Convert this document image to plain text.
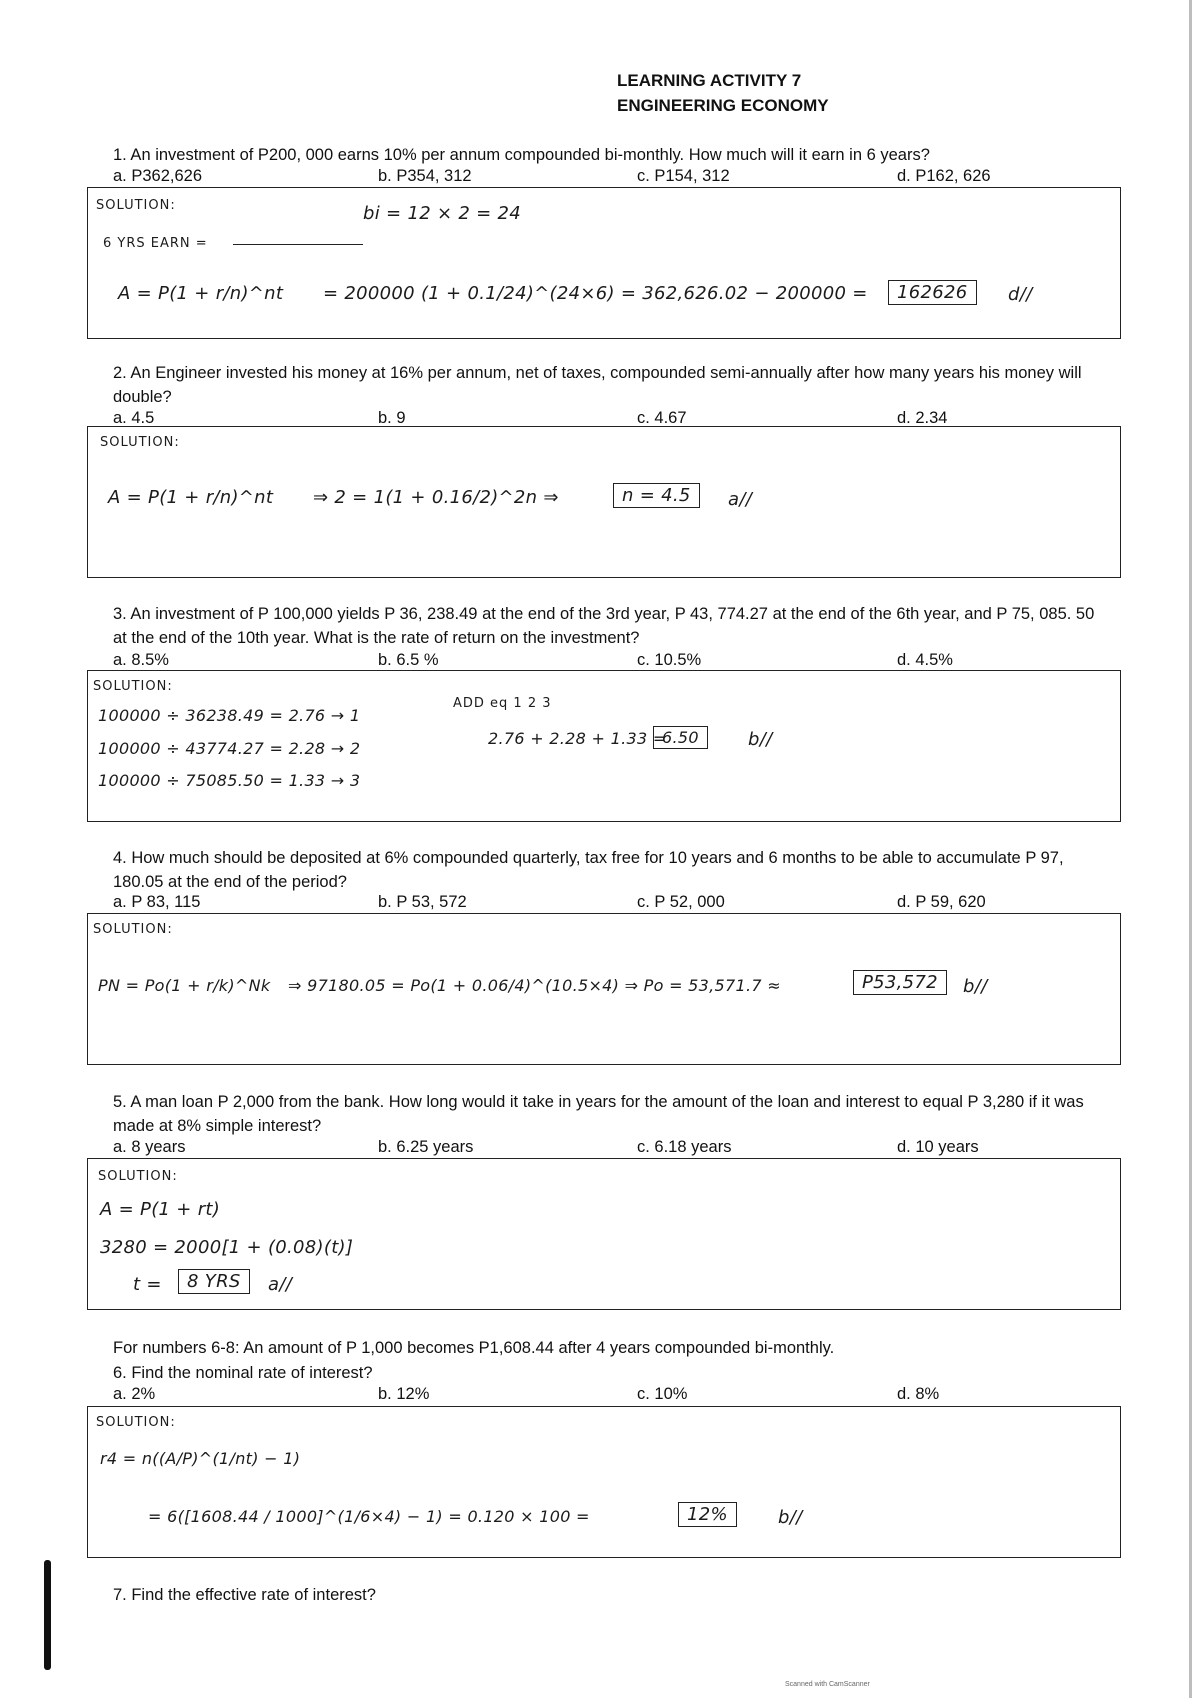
LEARNING ACTIVITY 7
ENGINEERING ECONOMY
1. An investment of P200, 000 earns 10% per annum compounded bi-monthly. How much will it earn in 6 years?
a. P362,626	b. P354, 312	c. P154, 312	d. P162, 626
SOLUTION:	bi = 12 × 2 = 24
6 YRS EARN =
A = P(1 + r/n)^nt = 200000 (1 + 0.1/24)^(24×6) = 362,626.02 − 200000 =	162626	d//
2. An Engineer invested his money at 16% per annum, net of taxes, compounded semi-annually after how many years his money will double?
a. 4.5	b. 9	c. 4.67	d. 2.34
SOLUTION:
A = P(1 + r/n)^nt ⇒ 2 = 1(1 + 0.16/2)^2n ⇒	n = 4.5	a//
3. An investment of P 100,000 yields P 36, 238.49 at the end of the 3rd year, P 43, 774.27 at the end of the 6th year, and P 75, 085. 50 at the end of the 10th year. What is the rate of return on the investment?
a. 8.5%	b. 6.5 %	c. 10.5%	d. 4.5%
SOLUTION:
100000 ÷ 36238.49 = 2.76 → 1
100000 ÷ 43774.27 = 2.28 → 2
100000 ÷ 75085.50 = 1.33 → 3
ADD eq 1 2 3
2.76 + 2.28 + 1.33 =
6.50	b//
4. How much should be deposited at 6% compounded quarterly, tax free for 10 years and 6 months to be able to accumulate P 97, 180.05 at the end of the period?
a. P 83, 115	b. P 53, 572	c. P 52, 000	d. P 59, 620
SOLUTION:
PN = Po(1 + r/k)^Nk ⇒ 97180.05 = Po(1 + 0.06/4)^(10.5×4) ⇒ Po = 53,571.7 ≈	P53,572	b//
5. A man loan P 2,000 from the bank. How long would it take in years for the amount of the loan and interest to equal P 3,280 if it was made at 8% simple interest?
a. 8 years	b. 6.25 years	c. 6.18 years	d. 10 years
SOLUTION:
A = P(1 + rt)
3280 = 2000[1 + (0.08)(t)]
t =	8 YRS	a//
For numbers 6-8: An amount of P 1,000 becomes P1,608.44 after 4 years compounded bi-monthly.
6. Find the nominal rate of interest?
a. 2%	b. 12%	c. 10%	d. 8%
SOLUTION:
r4 = n((A/P)^(1/nt) − 1)
= 6([1608.44 / 1000]^(1/6×4) − 1) = 0.120 × 100 =	12%	b//
7. Find the effective rate of interest?
Scanned with CamScanner
